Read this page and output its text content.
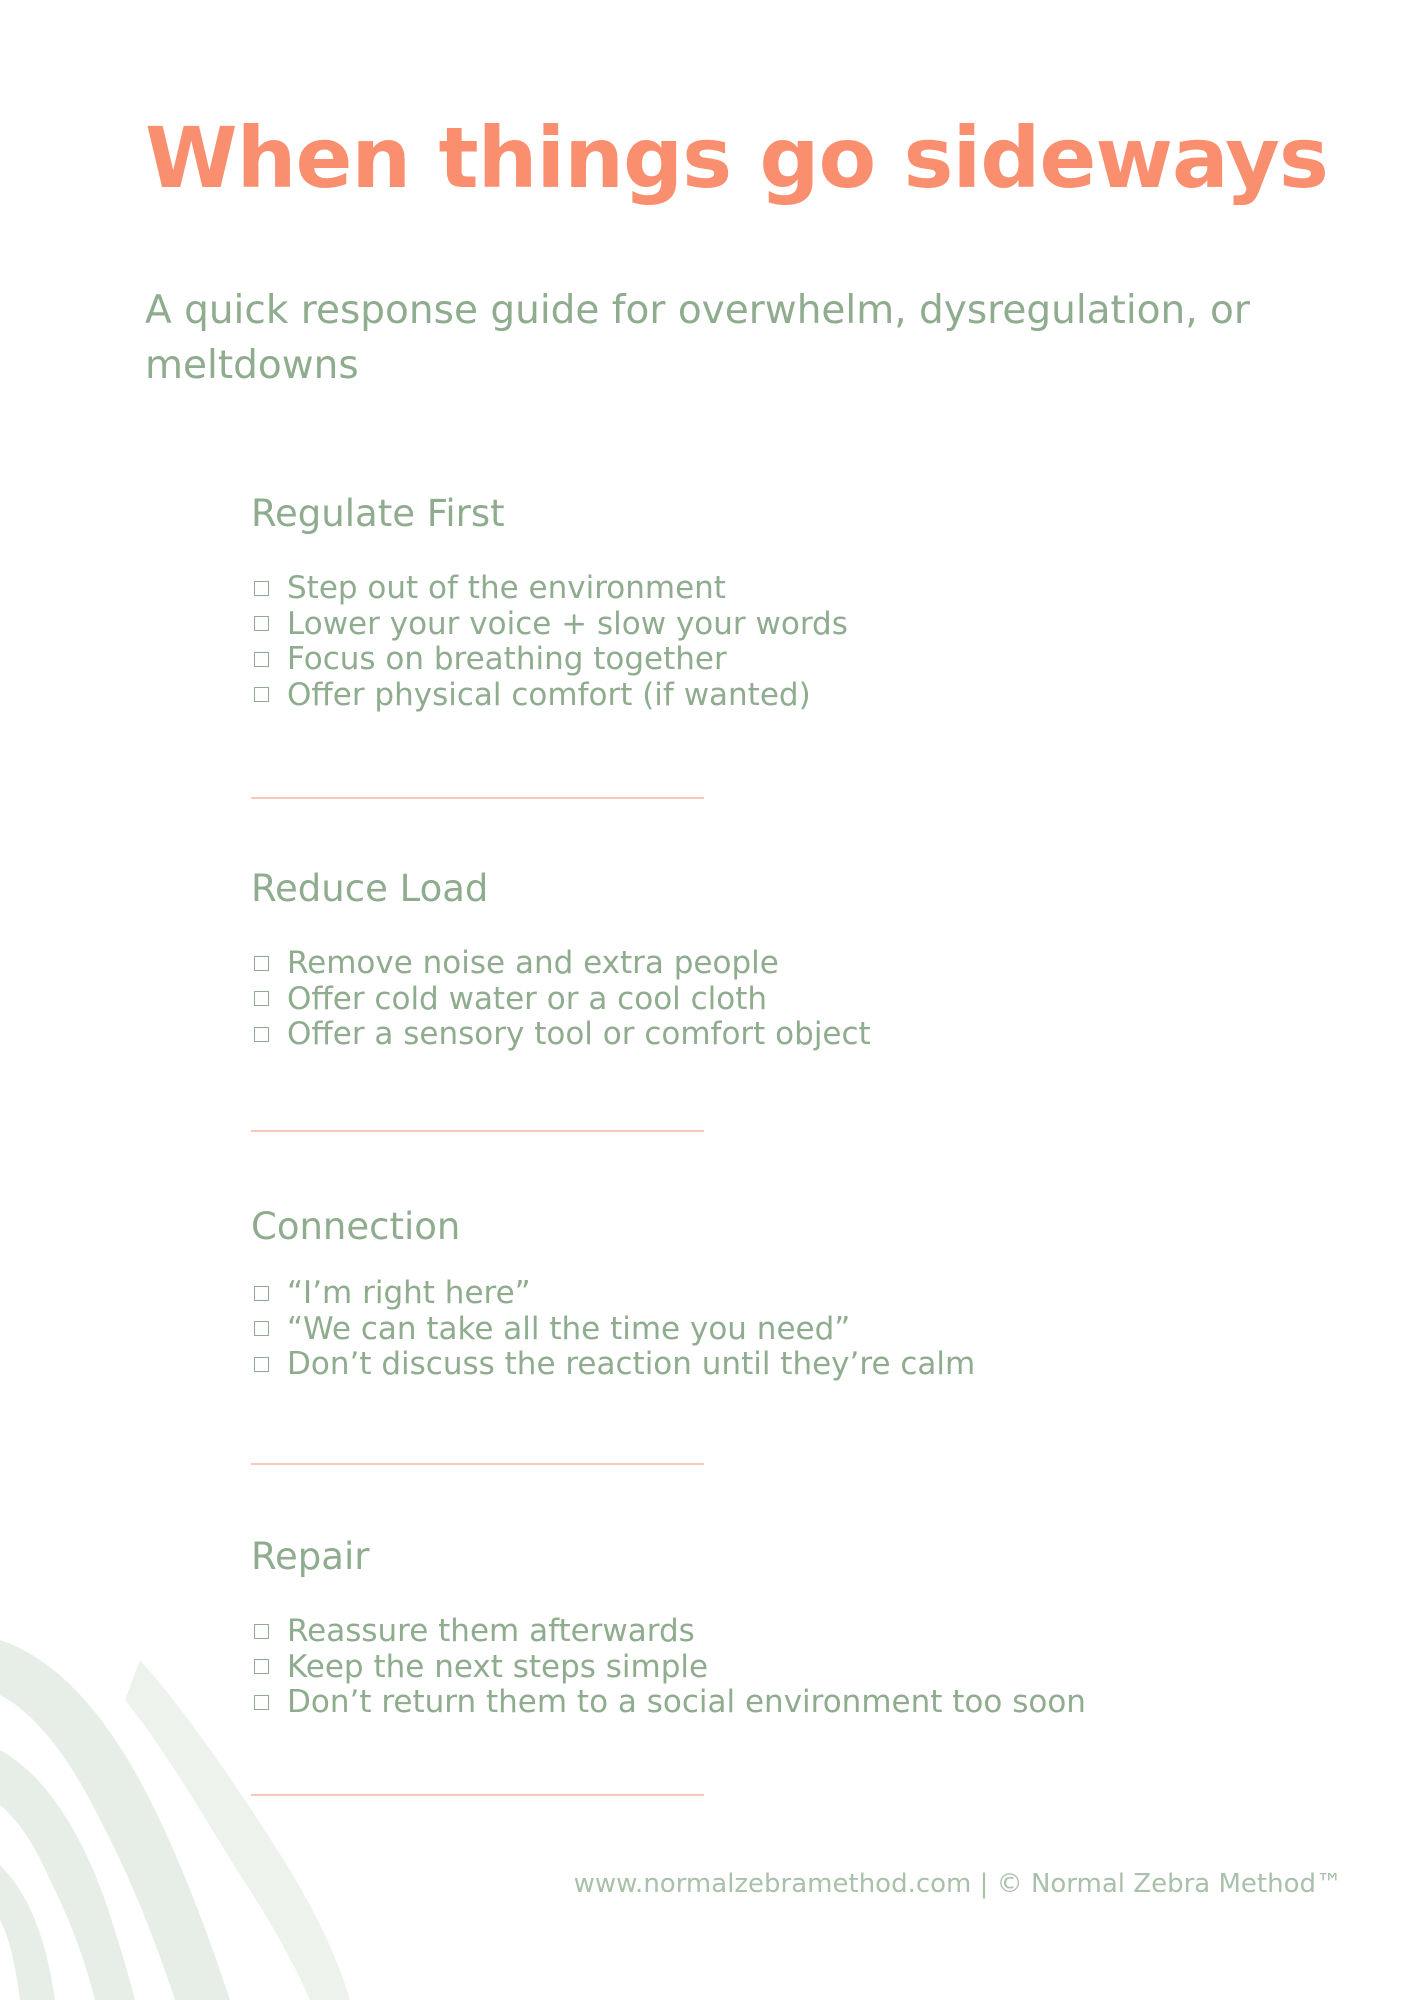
When things go sideways

A quick response guide for overwhelm, dysregulation, or meltdowns

Regulate First
Step out of the environment
Lower your voice + slow your words
Focus on breathing together
Offer physical comfort (if wanted)
Reduce Load
Remove noise and extra people
Offer cold water or a cool cloth
Offer a sensory tool or comfort object
Connection
“I’m right here”
“We can take all the time you need”
Don’t discuss the reaction until they’re calm
Repair
Reassure them afterwards
Keep the next steps simple
Don’t return them to a social environment too soon

www.normalzebramethod.com | © Normal Zebra Method™
